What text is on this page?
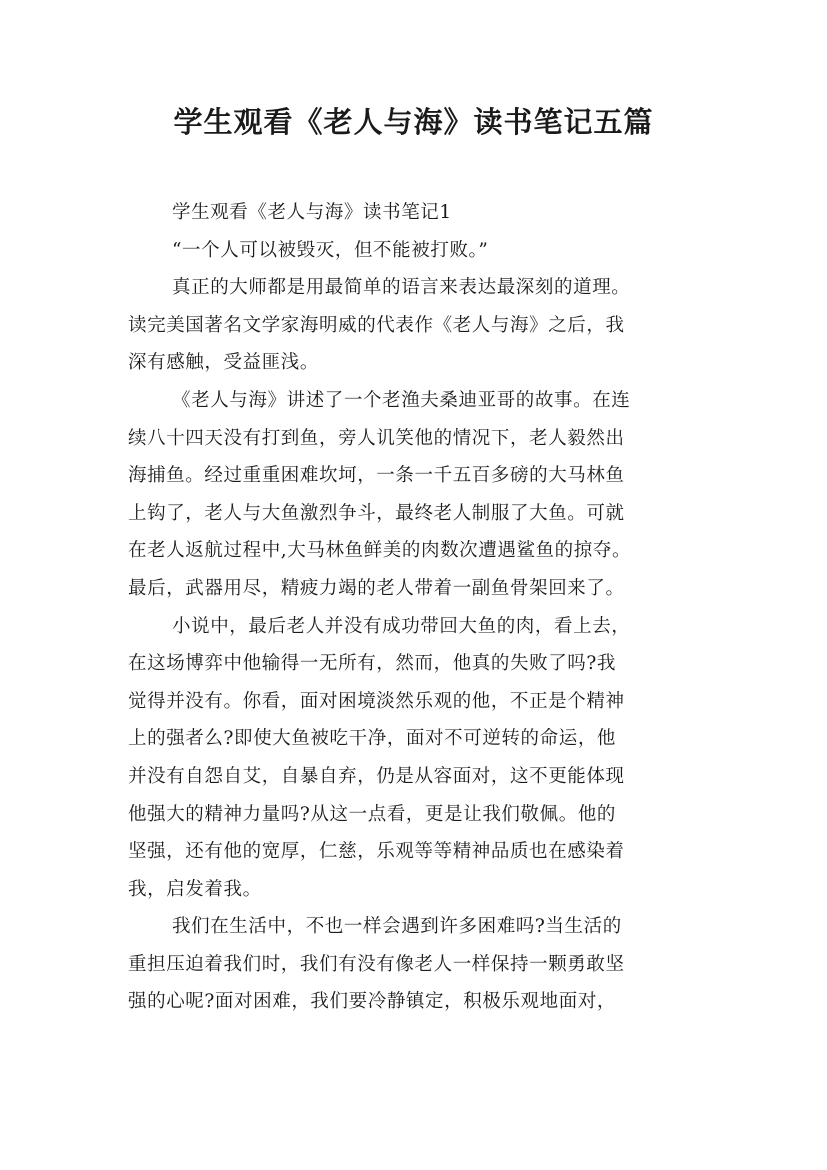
学生观看《老人与海》读书笔记五篇
学生观看《老人与海》读书笔记1
“一个人可以被毁灭，但不能被打败。”
真正的大师都是用最简单的语言来表达最深刻的道理。
读完美国著名文学家海明威的代表作《老人与海》之后，我
深有感触，受益匪浅。
《老人与海》讲述了一个老渔夫桑迪亚哥的故事。在连
续八十四天没有打到鱼，旁人讥笑他的情况下，老人毅然出
海捕鱼。经过重重困难坎坷，一条一千五百多磅的大马林鱼
上钩了，老人与大鱼激烈争斗，最终老人制服了大鱼。可就
在老人返航过程中,大马林鱼鲜美的肉数次遭遇鲨鱼的掠夺。
最后，武器用尽，精疲力竭的老人带着一副鱼骨架回来了。
小说中，最后老人并没有成功带回大鱼的肉，看上去，
在这场博弈中他输得一无所有，然而，他真的失败了吗?我
觉得并没有。你看，面对困境淡然乐观的他，不正是个精神
上的强者么?即使大鱼被吃干净，面对不可逆转的命运，他
并没有自怨自艾，自暴自弃，仍是从容面对，这不更能体现
他强大的精神力量吗?从这一点看，更是让我们敬佩。他的
坚强，还有他的宽厚，仁慈，乐观等等精神品质也在感染着
我，启发着我。
我们在生活中，不也一样会遇到许多困难吗?当生活的
重担压迫着我们时，我们有没有像老人一样保持一颗勇敢坚
强的心呢?面对困难，我们要冷静镇定，积极乐观地面对，
